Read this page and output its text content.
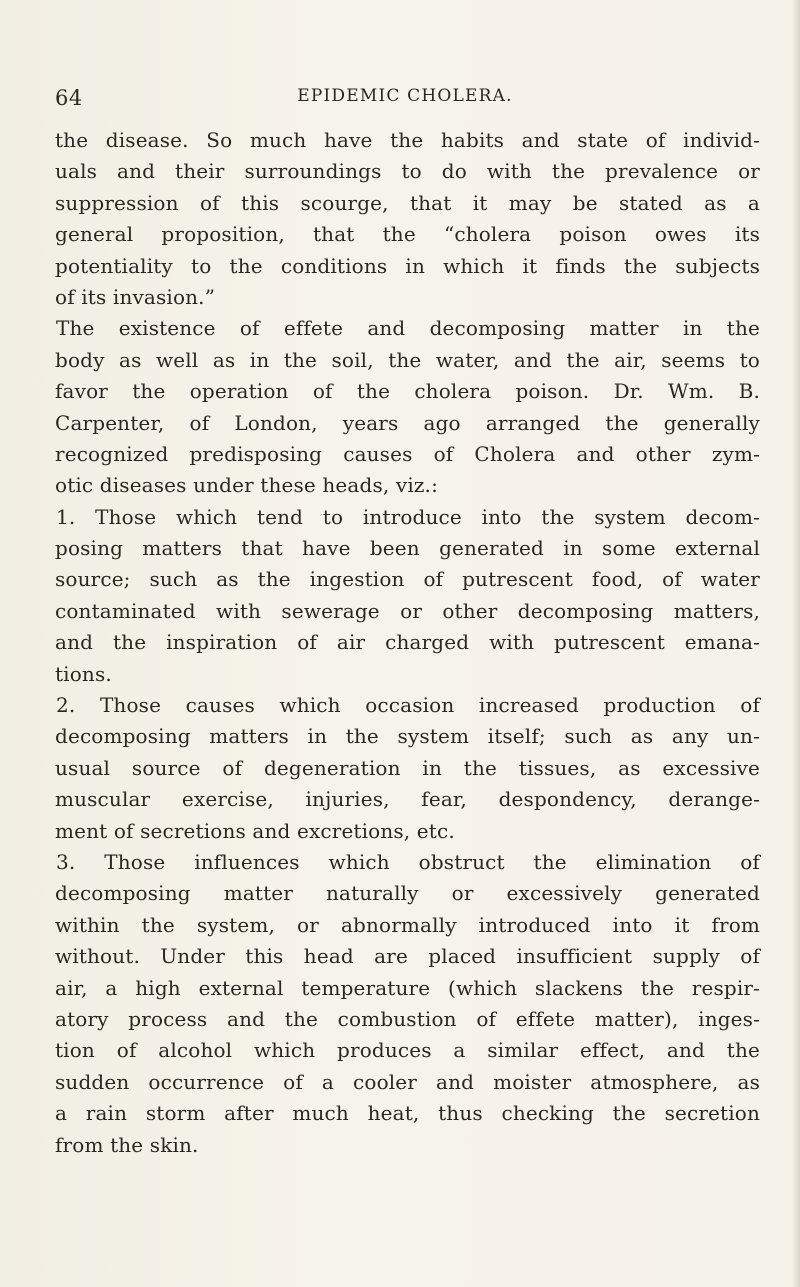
64	EPIDEMIC CHOLERA.
the disease. So much have the habits and state of individ-
uals and their surroundings to do with the prevalence or
suppression of this scourge, that it may be stated as a
general proposition, that the “cholera poison owes its
potentiality to the conditions in which it finds the subjects
of its invasion.”
The existence of effete and decomposing matter in the
body as well as in the soil, the water, and the air, seems to
favor the operation of the cholera poison. Dr. Wm. B.
Carpenter, of London, years ago arranged the generally
recognized predisposing causes of Cholera and other zym-
otic diseases under these heads, viz.:
1. Those which tend to introduce into the system decom-
posing matters that have been generated in some external
source; such as the ingestion of putrescent food, of water
contaminated with sewerage or other decomposing matters,
and the inspiration of air charged with putrescent emana-
tions.
2. Those causes which occasion increased production of
decomposing matters in the system itself; such as any un-
usual source of degeneration in the tissues, as excessive
muscular exercise, injuries, fear, despondency, derange-
ment of secretions and excretions, etc.
3. Those influences which obstruct the elimination of
decomposing matter naturally or excessively generated
within the system, or abnormally introduced into it from
without. Under this head are placed insufficient supply of
air, a high external temperature (which slackens the respir-
atory process and the combustion of effete matter), inges-
tion of alcohol which produces a similar effect, and the
sudden occurrence of a cooler and moister atmosphere, as
a rain storm after much heat, thus checking the secretion
from the skin.
